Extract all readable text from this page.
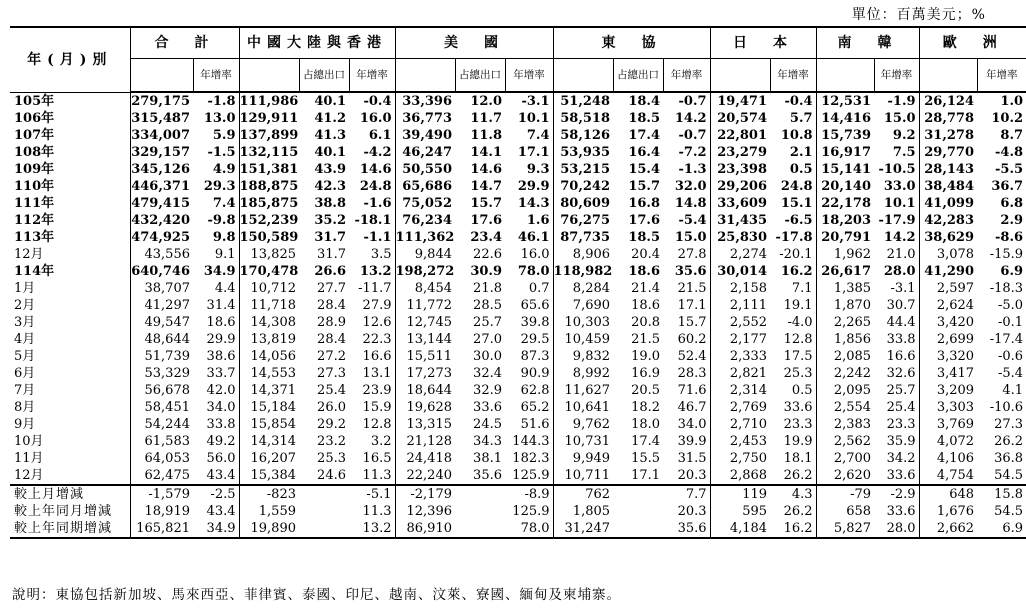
單位：百萬美元；%
年(月)別	合　計		中國大陸與香港			美　國			東　協			日　本		南　韓		歐　洲	
		年增率		占總出口	年增率		占總出口	年增率		占總出口	年增率		年增率		年增率		年增率
105年	279,175	-1.8	111,986	40.1	-0.4	33,396	12.0	-3.1	51,248	18.4	-0.7	19,471	-0.4	12,531	-1.9	26,124	1.0
106年	315,487	13.0	129,911	41.2	16.0	36,773	11.7	10.1	58,518	18.5	14.2	20,574	5.7	14,416	15.0	28,778	10.2
107年	334,007	5.9	137,899	41.3	6.1	39,490	11.8	7.4	58,126	17.4	-0.7	22,801	10.8	15,739	9.2	31,278	8.7
108年	329,157	-1.5	132,115	40.1	-4.2	46,247	14.1	17.1	53,935	16.4	-7.2	23,279	2.1	16,917	7.5	29,770	-4.8
109年	345,126	4.9	151,381	43.9	14.6	50,550	14.6	9.3	53,215	15.4	-1.3	23,398	0.5	15,141	-10.5	28,143	-5.5
110年	446,371	29.3	188,875	42.3	24.8	65,686	14.7	29.9	70,242	15.7	32.0	29,206	24.8	20,140	33.0	38,484	36.7
111年	479,415	7.4	185,875	38.8	-1.6	75,052	15.7	14.3	80,609	16.8	14.8	33,609	15.1	22,178	10.1	41,099	6.8
112年	432,420	-9.8	152,239	35.2	-18.1	76,234	17.6	1.6	76,275	17.6	-5.4	31,435	-6.5	18,203	-17.9	42,283	2.9
113年	474,925	9.8	150,589	31.7	-1.1	111,362	23.4	46.1	87,735	18.5	15.0	25,830	-17.8	20,791	14.2	38,629	-8.6
12月	43,556	9.1	13,825	31.7	3.5	9,844	22.6	16.0	8,906	20.4	27.8	2,274	-20.1	1,962	21.0	3,078	-15.9
114年	640,746	34.9	170,478	26.6	13.2	198,272	30.9	78.0	118,982	18.6	35.6	30,014	16.2	26,617	28.0	41,290	6.9
1月	38,707	4.4	10,712	27.7	-11.7	8,454	21.8	0.7	8,284	21.4	21.5	2,158	7.1	1,385	-3.1	2,597	-18.3
2月	41,297	31.4	11,718	28.4	27.9	11,772	28.5	65.6	7,690	18.6	17.1	2,111	19.1	1,870	30.7	2,624	-5.0
3月	49,547	18.6	14,308	28.9	12.6	12,745	25.7	39.8	10,303	20.8	15.7	2,552	-4.0	2,265	44.4	3,420	-0.1
4月	48,644	29.9	13,819	28.4	22.3	13,144	27.0	29.5	10,459	21.5	60.2	2,177	12.8	1,856	33.8	2,699	-17.4
5月	51,739	38.6	14,056	27.2	16.6	15,511	30.0	87.3	9,832	19.0	52.4	2,333	17.5	2,085	16.6	3,320	-0.6
6月	53,329	33.7	14,553	27.3	13.1	17,273	32.4	90.9	8,992	16.9	28.3	2,821	25.3	2,242	32.6	3,417	-5.4
7月	56,678	42.0	14,371	25.4	23.9	18,644	32.9	62.8	11,627	20.5	71.6	2,314	0.5	2,095	25.7	3,209	4.1
8月	58,451	34.0	15,184	26.0	15.9	19,628	33.6	65.2	10,641	18.2	46.7	2,769	33.6	2,554	25.4	3,303	-10.6
9月	54,244	33.8	15,854	29.2	12.8	13,315	24.5	51.6	9,762	18.0	34.0	2,710	23.3	2,383	23.3	3,769	27.3
10月	61,583	49.2	14,314	23.2	3.2	21,128	34.3	144.3	10,731	17.4	39.9	2,453	19.9	2,562	35.9	4,072	26.2
11月	64,053	56.0	16,207	25.3	16.5	24,418	38.1	182.3	9,949	15.5	31.5	2,750	18.1	2,700	34.2	4,106	36.8
12月	62,475	43.4	15,384	24.6	11.3	22,240	35.6	125.9	10,711	17.1	20.3	2,868	26.2	2,620	33.6	4,754	54.5
較上月增減	-1,579	-2.5	-823		-5.1	-2,179		-8.9	762		7.7	119	4.3	-79	-2.9	648	15.8
較上年同月增減	18,919	43.4	1,559		11.3	12,396		125.9	1,805		20.3	595	26.2	658	33.6	1,676	54.5
較上年同期增減	165,821	34.9	19,890		13.2	86,910		78.0	31,247		35.6	4,184	16.2	5,827	28.0	2,662	6.9
說明：東協包括新加坡、馬來西亞、菲律賓、泰國、印尼、越南、汶萊、寮國、緬甸及柬埔寨。
